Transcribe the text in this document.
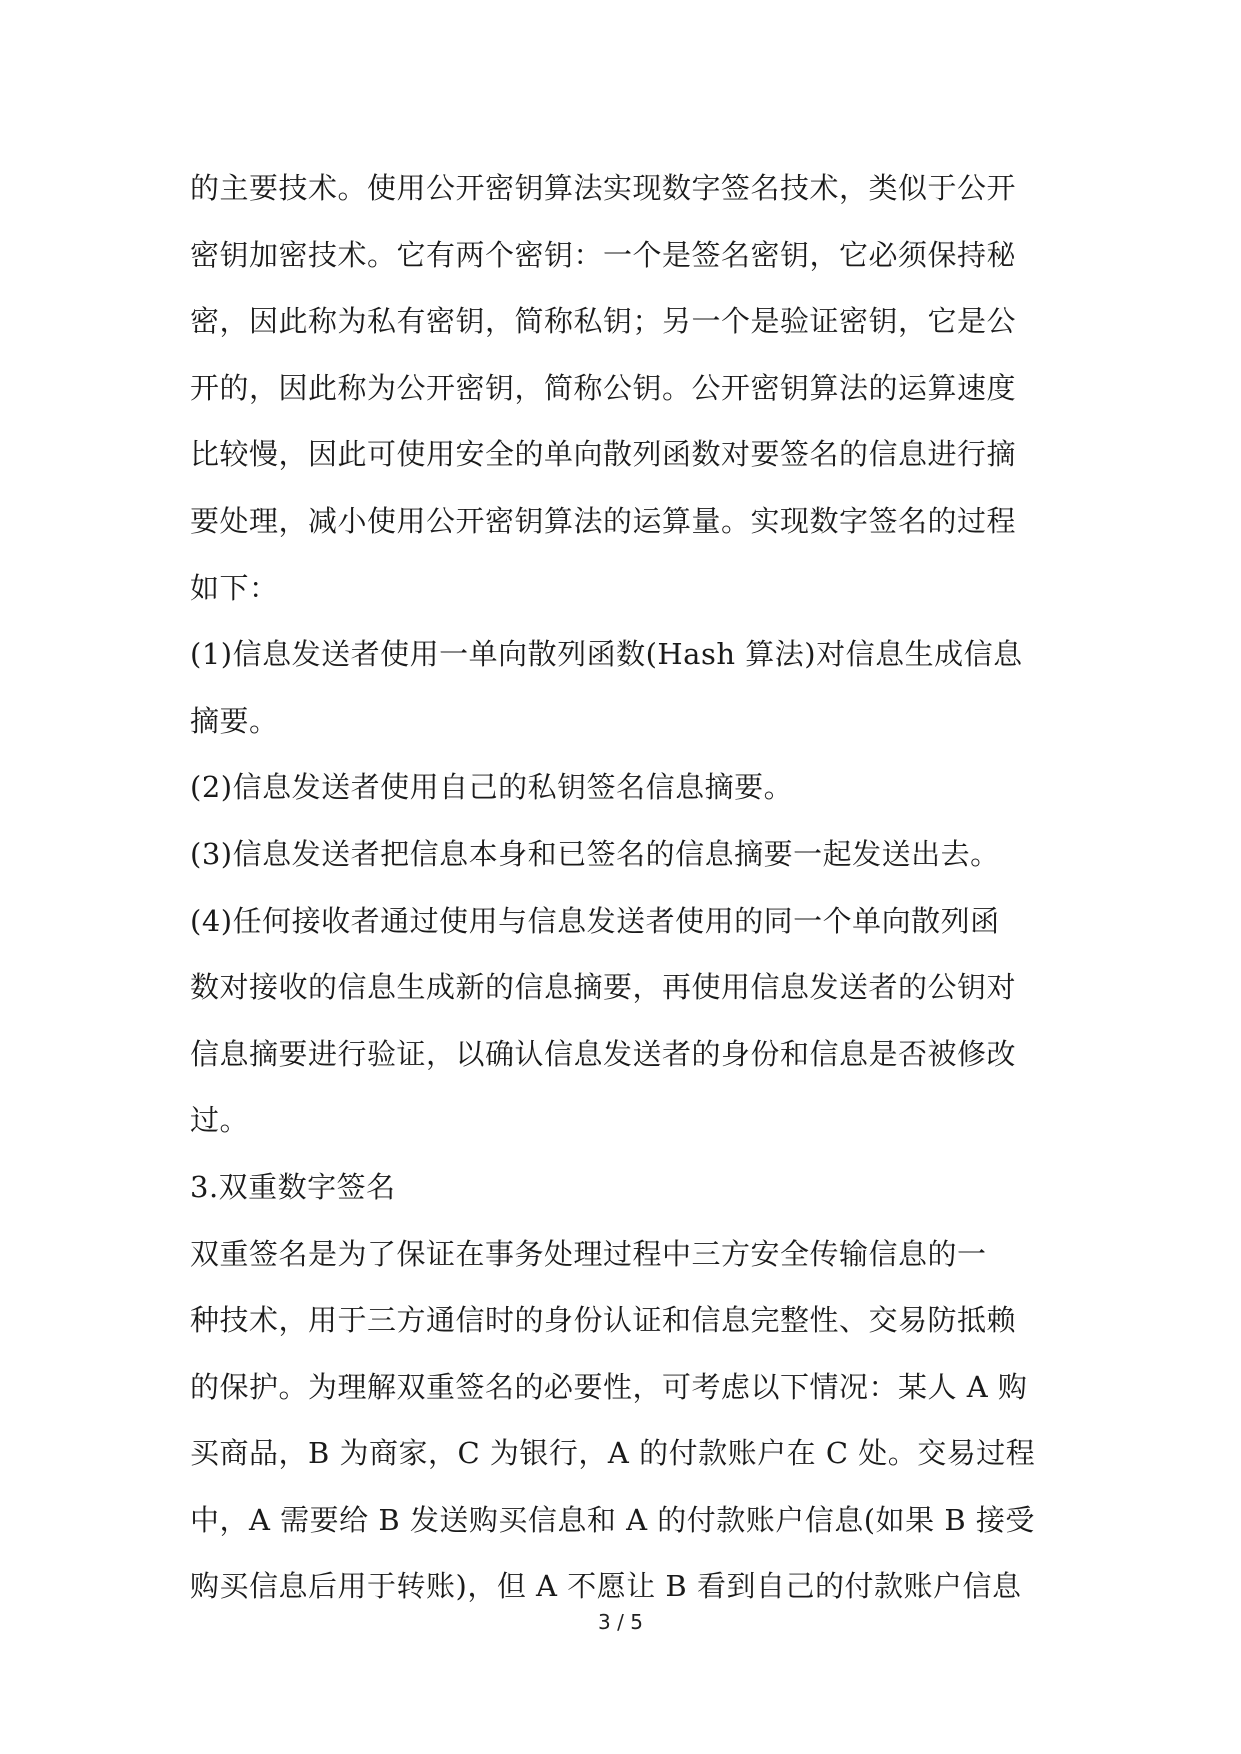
的主要技术。使用公开密钥算法实现数字签名技术，类似于公开
密钥加密技术。它有两个密钥：一个是签名密钥，它必须保持秘
密，因此称为私有密钥，简称私钥；另一个是验证密钥，它是公
开的，因此称为公开密钥，简称公钥。公开密钥算法的运算速度
比较慢，因此可使用安全的单向散列函数对要签名的信息进行摘
要处理，减小使用公开密钥算法的运算量。实现数字签名的过程
如下：
(1)信息发送者使用一单向散列函数(Hash 算法)对信息生成信息
摘要。
(2)信息发送者使用自己的私钥签名信息摘要。
(3)信息发送者把信息本身和已签名的信息摘要一起发送出去。
(4)任何接收者通过使用与信息发送者使用的同一个单向散列函
数对接收的信息生成新的信息摘要，再使用信息发送者的公钥对
信息摘要进行验证，以确认信息发送者的身份和信息是否被修改
过。
3.双重数字签名
双重签名是为了保证在事务处理过程中三方安全传输信息的一
种技术，用于三方通信时的身份认证和信息完整性、交易防抵赖
的保护。为理解双重签名的必要性，可考虑以下情况：某人 A 购
买商品，B 为商家，C 为银行，A 的付款账户在 C 处。交易过程
中，A 需要给 B 发送购买信息和 A 的付款账户信息(如果 B 接受
购买信息后用于转账)，但 A 不愿让 B 看到自己的付款账户信息
3 / 5
